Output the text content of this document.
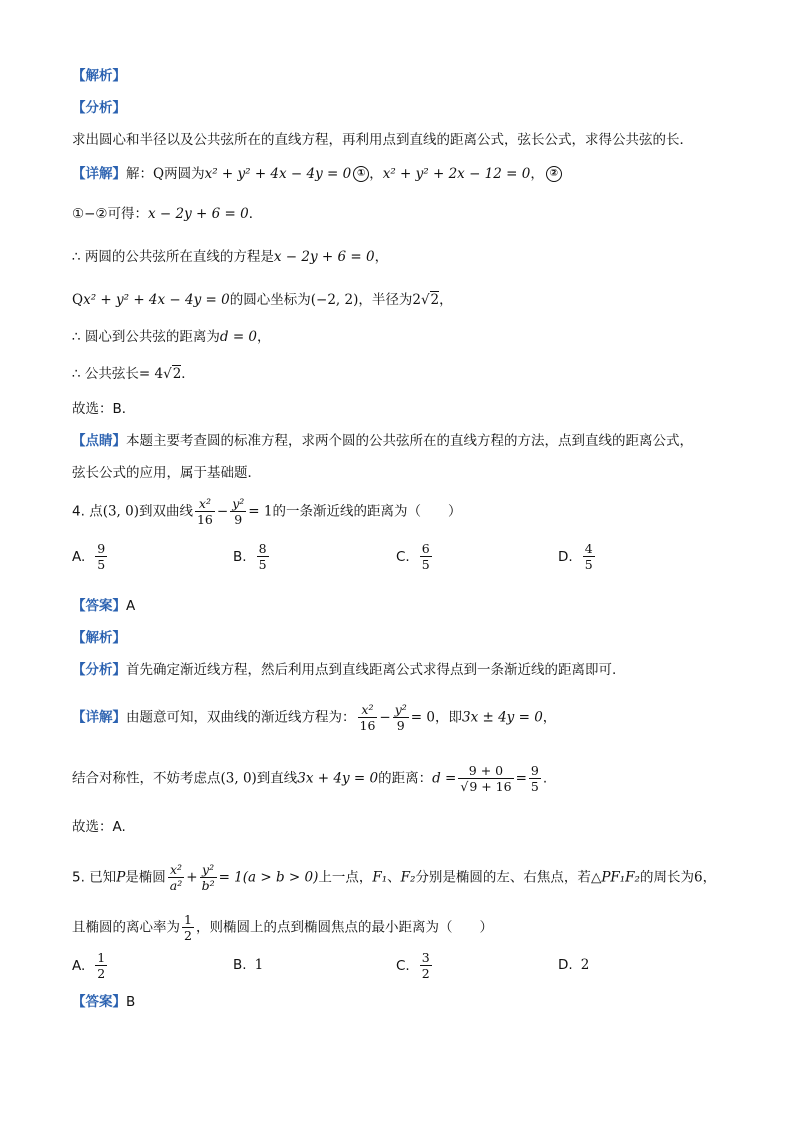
【解析】
【分析】
求出圆心和半径以及公共弦所在的直线方程，再利用点到直线的距离公式，弦长公式，求得公共弦的长．
【详解】解：Q两圆为x² + y² + 4x − 4y = 0 ① ，x² + y² + 2x − 12 = 0， ②
①−②可得：x − 2y + 6 = 0．
∴ 两圆的公共弦所在直线的方程是x − 2y + 6 = 0，
Qx² + y² + 4x − 4y = 0的圆心坐标为(−2, 2)，半径为2√2，
∴ 圆心到公共弦的距离为d = 0，
∴ 公共弦长= 4√2．
故选：B．
【点睛】本题主要考查圆的标准方程，求两个圆的公共弦所在的直线方程的方法，点到直线的距离公式，
弦长公式的应用，属于基础题．
4. 点(3, 0)到双曲线 $\frac{\text{x²}}{16} - \frac{\text{y²}}{9} = 1$的一条渐近线的距离为（　　）
A. $\frac{9}{5}$	B. $\frac{8}{5}$	C. $\frac{6}{5}$	D. $\frac{4}{5}$
【答案】A
【解析】
【分析】首先确定渐近线方程，然后利用点到直线距离公式求得点到一条渐近线的距离即可.
【详解】由题意可知，双曲线的渐近线方程为： $\frac{\text{x²}}{16} - \frac{\text{y²}}{9} = 0$，即3x ± 4y = 0，
结合对称性，不妨考虑点(3, 0)到直线3x + 4y = 0的距离：$d = \frac{9 + 0}{√9 + 16} = \frac{9}{5}$ .
故选：A.
5. 已知P是椭圆 $\frac{\text{x²}}{\text{a²}} + \frac{\text{y²}}{\text{b²}} = 1(a > b > 0)$上一点，F₁、F₂分别是椭圆的左、右焦点，若△PF₁F₂的周长为6，
且椭圆的离心率为 $\frac{1}{2}$ ，则椭圆上的点到椭圆焦点的最小距离为（　　）
A. $\frac{1}{2}$	B. 1	C. $\frac{3}{2}$	D. 2
【答案】B
